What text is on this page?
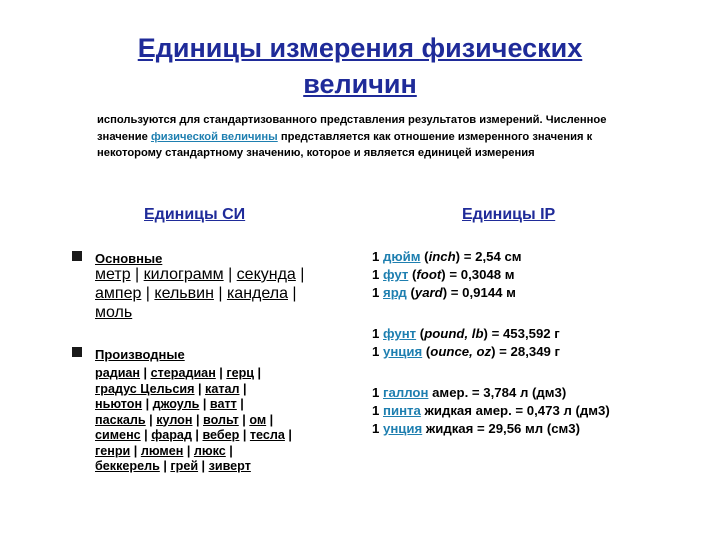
Единицы измерения физических
величин
используются для стандартизованного представления результатов измерений. Численное значение физической величины представляется как отношение измеренного значения к некоторому стандартному значению, которое и является единицей измерения
Единицы СИ	Единицы IP
Основные
метр | килограмм | секунда |
ампер | кельвин | кандела |
моль
Производные
радиан | стерадиан | герц |
градус Цельсия | катал |
ньютон | джоуль | ватт |
паскаль | кулон | вольт | ом |
сименс | фарад | вебер | тесла |
генри | люмен | люкс |
беккерель | грей | зиверт
1 дюйм (inch) = 2,54 см
1 фут (foot) = 0,3048 м
1 ярд (yard) = 0,9144 м
1 фунт (pound, lb) = 453,592 г
1 унция (ounce, oz) = 28,349 г
1 галлон амер. = 3,784 л (дм3)
1 пинта жидкая амер. = 0,473 л (дм3)
1 унция жидкая = 29,56 мл (см3)
